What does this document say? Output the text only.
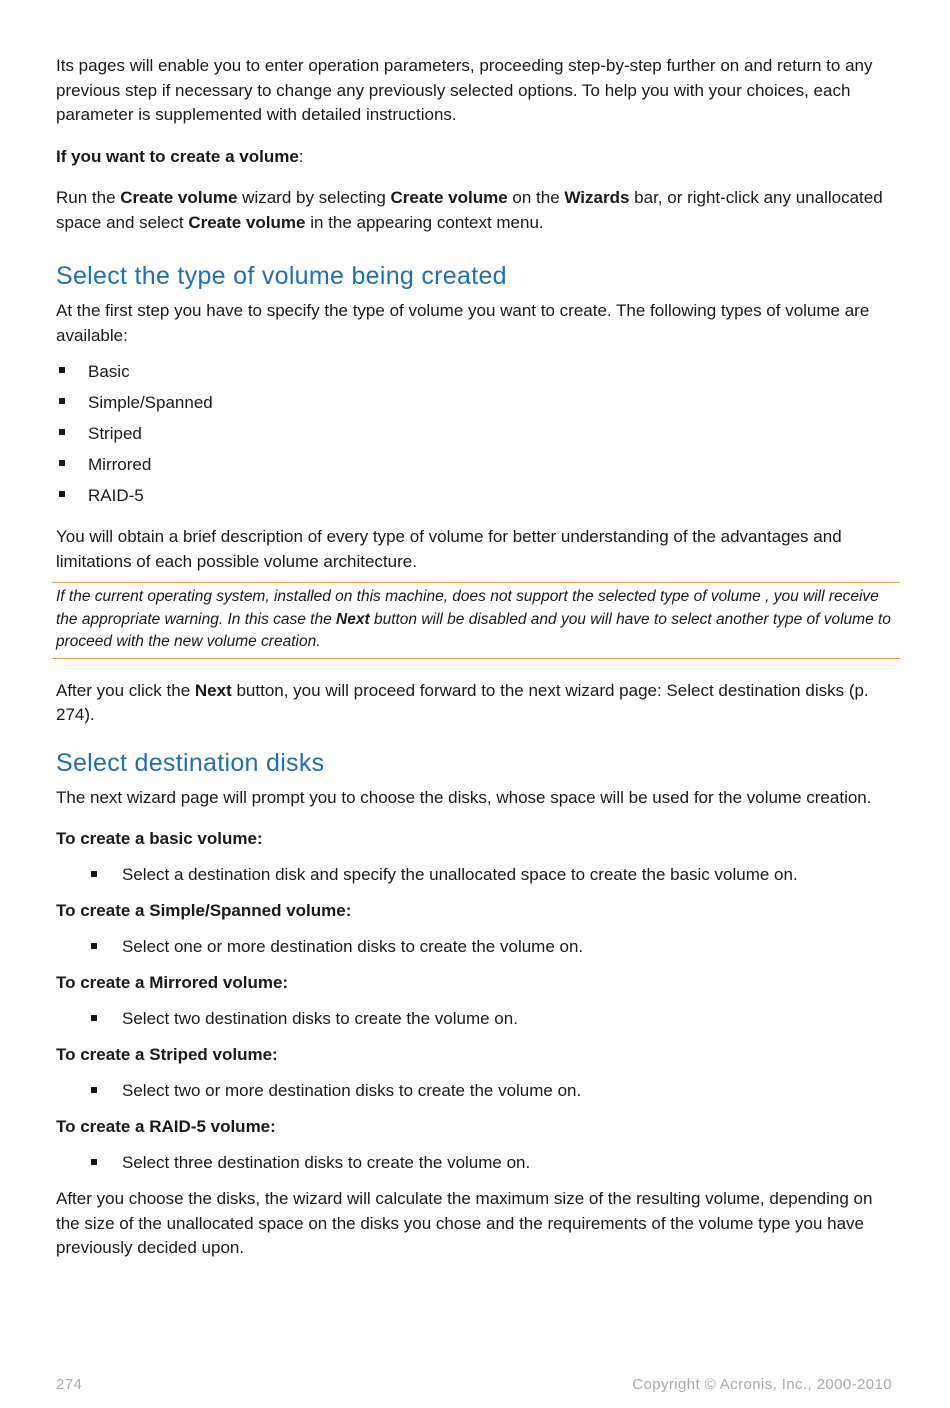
Its pages will enable you to enter operation parameters, proceeding step-by-step further on and return to any previous step if necessary to change any previously selected options. To help you with your choices, each parameter is supplemented with detailed instructions.

If you want to create a volume:

Run the Create volume wizard by selecting Create volume on the Wizards bar, or right-click any unallocated space and select Create volume in the appearing context menu.

Select the type of volume being created

At the first step you have to specify the type of volume you want to create. The following types of volume are available:

Basic
Simple/Spanned
Striped
Mirrored
RAID-5

You will obtain a brief description of every type of volume for better understanding of the advantages and limitations of each possible volume architecture.

If the current operating system, installed on this machine, does not support the selected type of volume , you will receive the appropriate warning. In this case the Next button will be disabled and you will have to select another type of volume to proceed with the new volume creation.

After you click the Next button, you will proceed forward to the next wizard page: Select destination disks (p. 274).

Select destination disks

The next wizard page will prompt you to choose the disks, whose space will be used for the volume creation.

To create a basic volume:
Select a destination disk and specify the unallocated space to create the basic volume on.
To create a Simple/Spanned volume:
Select one or more destination disks to create the volume on.
To create a Mirrored volume:
Select two destination disks to create the volume on.
To create a Striped volume:
Select two or more destination disks to create the volume on.
To create a RAID-5 volume:
Select three destination disks to create the volume on.

After you choose the disks, the wizard will calculate the maximum size of the resulting volume, depending on the size of the unallocated space on the disks you chose and the requirements of the volume type you have previously decided upon.

274	Copyright © Acronis, Inc., 2000-2010
